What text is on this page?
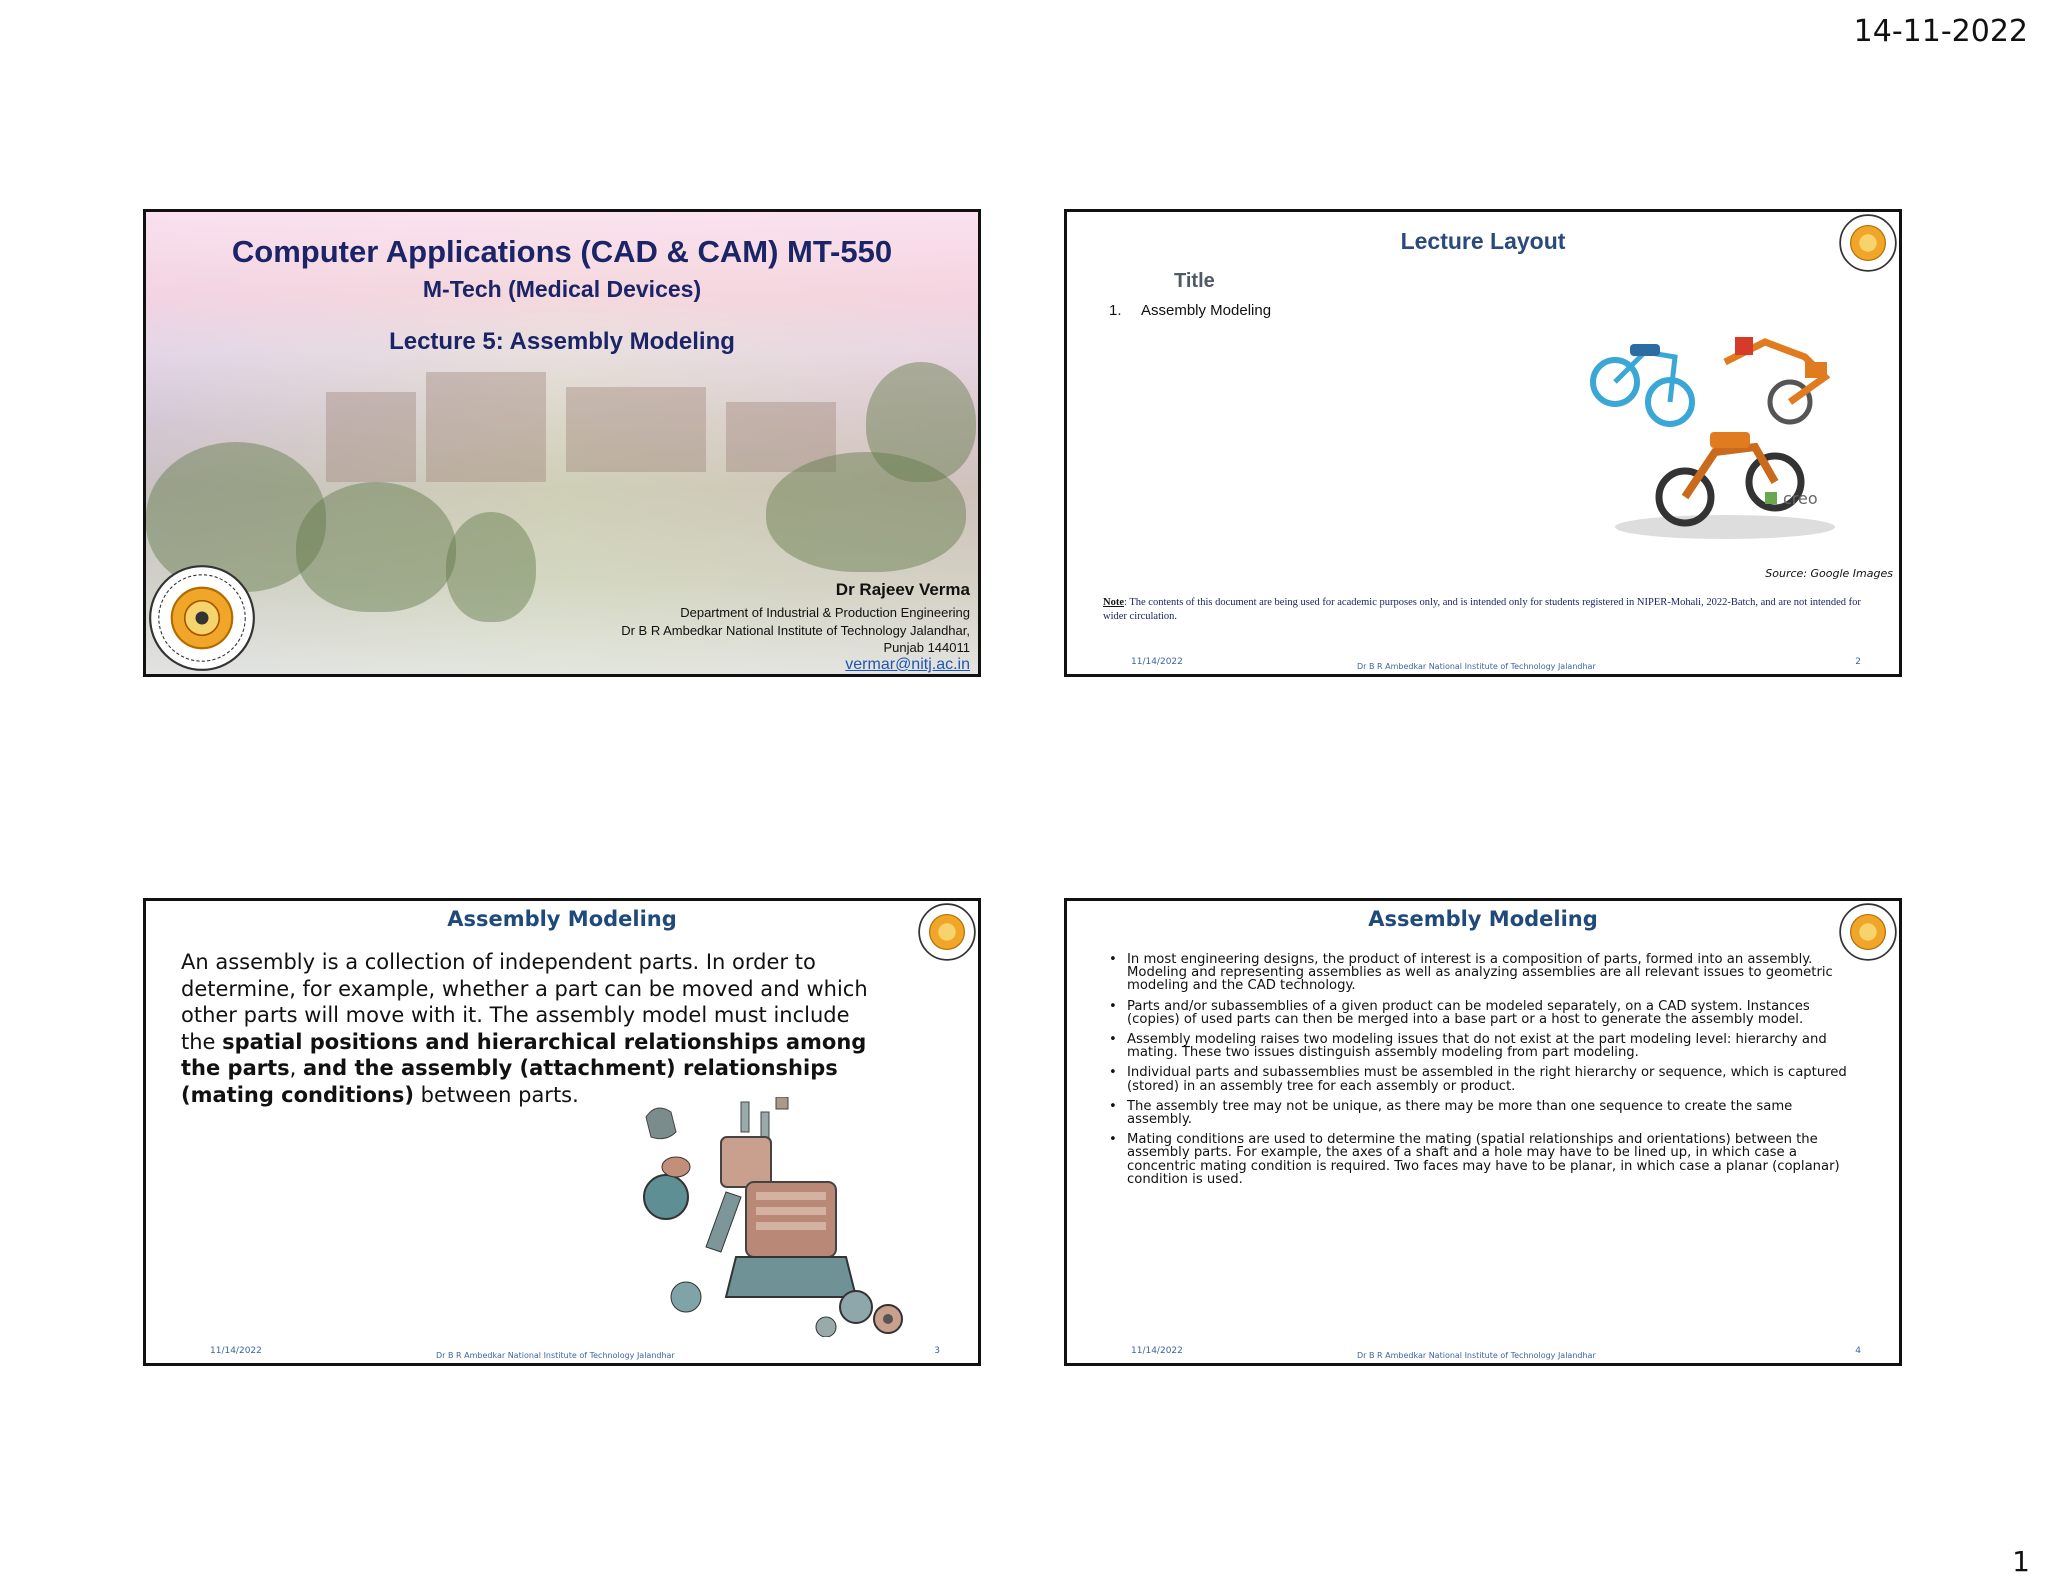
14-11-2022
Computer Applications (CAD & CAM) MT-550
M-Tech (Medical Devices)
Lecture 5: Assembly Modeling
Dr Rajeev Verma
Department of Industrial & Production Engineering
Dr B R Ambedkar National Institute of Technology Jalandhar,
Punjab 144011
vermar@nitj.ac.in
Lecture Layout
Title
1. Assembly Modeling
creo
Source: Google Images
Note: The contents of this document are being used for academic purposes only, and is intended only for students registered in NIPER-Mohali, 2022-Batch, and are not intended for wider circulation.
11/14/2022	Dr B R Ambedkar National Institute of Technology Jalandhar	2
Assembly Modeling
An assembly is a collection of independent parts. In order to determine, for example, whether a part can be moved and which other parts will move with it. The assembly model must include the spatial positions and hierarchical relationships among the parts, and the assembly (attachment) relationships (mating conditions) between parts.
11/14/2022	Dr B R Ambedkar National Institute of Technology Jalandhar	3
Assembly Modeling
• In most engineering designs, the product of interest is a composition of parts, formed into an assembly. Modeling and representing assemblies as well as analyzing assemblies are all relevant issues to geometric modeling and the CAD technology.
• Parts and/or subassemblies of a given product can be modeled separately, on a CAD system. Instances (copies) of used parts can then be merged into a base part or a host to generate the assembly model.
• Assembly modeling raises two modeling issues that do not exist at the part modeling level: hierarchy and mating. These two issues distinguish assembly modeling from part modeling.
• Individual parts and subassemblies must be assembled in the right hierarchy or sequence, which is captured (stored) in an assembly tree for each assembly or product.
• The assembly tree may not be unique, as there may be more than one sequence to create the same assembly.
• Mating conditions are used to determine the mating (spatial relationships and orientations) between the assembly parts. For example, the axes of a shaft and a hole may have to be lined up, in which case a concentric mating condition is required. Two faces may have to be planar, in which case a planar (coplanar) condition is used.
11/14/2022	Dr B R Ambedkar National Institute of Technology Jalandhar	4
1
